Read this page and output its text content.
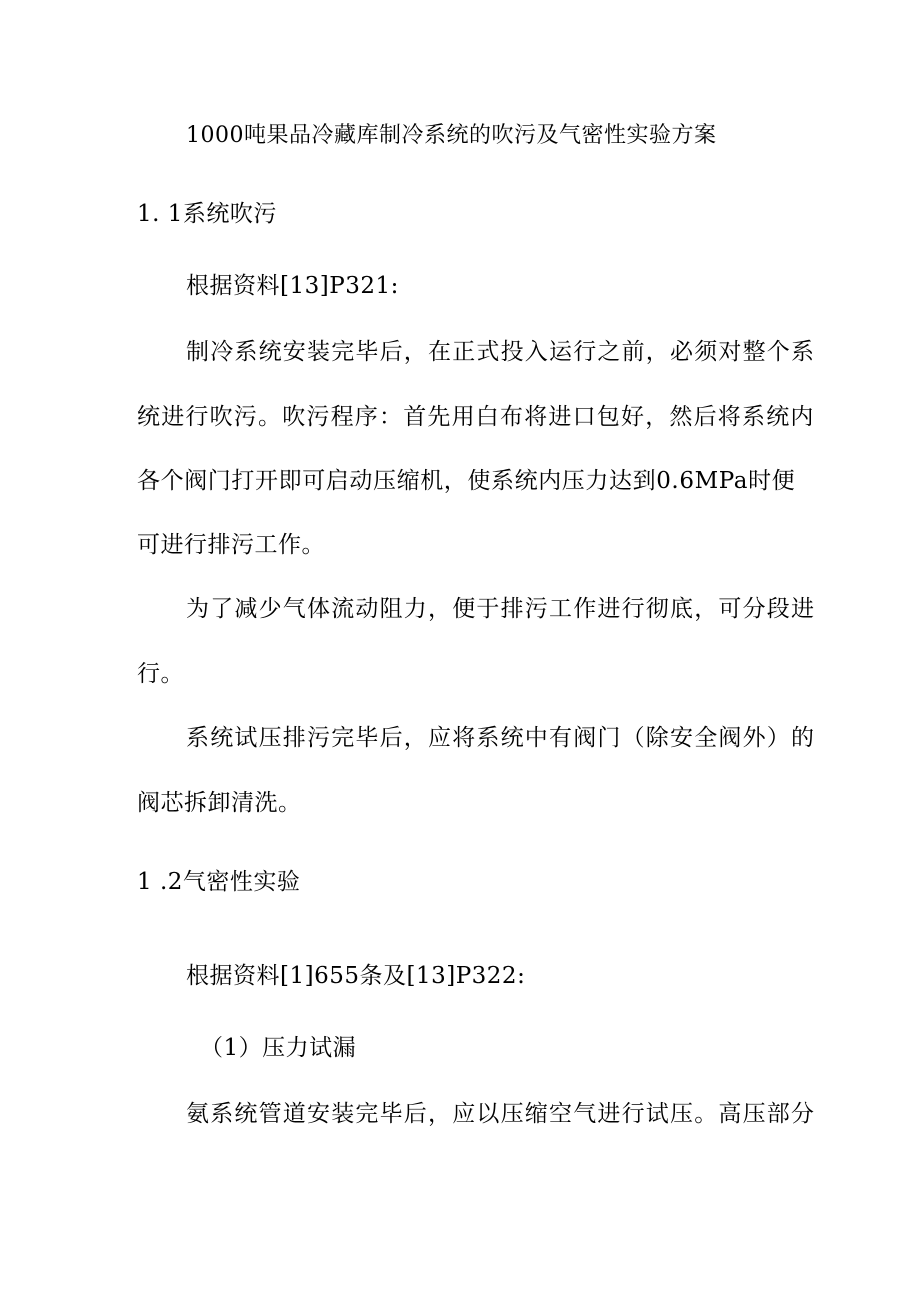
1000吨果品冷藏库制冷系统的吹污及气密性实验方案
1. 1系统吹污
根据资料[13]P321:
制冷系统安装完毕后，在正式投入运行之前，必须对整个系
统进行吹污。吹污程序：首先用白布将进口包好，然后将系统内
各个阀门打开即可启动压缩机，使系统内压力达到0.6MPa时便
可进行排污工作。
为了减少气体流动阻力，便于排污工作进行彻底，可分段进
行。
系统试压排污完毕后，应将系统中有阀门（除安全阀外）的
阀芯拆卸清洗。
1 .2气密性实验
根据资料[1]655条及[13]P322:
（1）压力试漏
氨系统管道安装完毕后，应以压缩空气进行试压。高压部分
